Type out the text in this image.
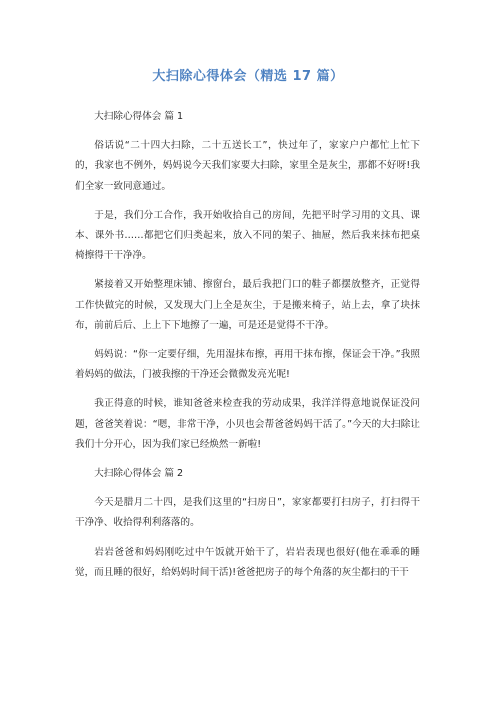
大扫除心得体会（精选 17 篇）

大扫除心得体会 篇 1

俗话说“二十四大扫除，二十五送长工”，快过年了，家家户户都忙上忙下的，我家也不例外，妈妈说今天我们家要大扫除，家里全是灰尘，那都不好呀!我们全家一致同意通过。

于是，我们分工合作，我开始收拾自己的房间，先把平时学习用的文具、课本、课外书……都把它们归类起来，放入不同的架子、抽屉，然后我来抹布把桌椅擦得干干净净。

紧接着又开始整理床铺、擦窗台，最后我把门口的鞋子都摆放整齐，正觉得工作快做完的时候，又发现大门上全是灰尘，于是搬来椅子，站上去，拿了块抹布，前前后后、上上下下地擦了一遍，可是还是觉得不干净。

妈妈说：“你一定要仔细，先用湿抹布擦，再用干抹布擦，保证会干净。”我照着妈妈的做法，门被我擦的干净还会微微发亮光呢!

我正得意的时候，谁知爸爸来检查我的劳动成果，我洋洋得意地说保证没问题，爸爸笑着说：“嗯，非常干净，小贝也会帮爸爸妈妈干活了。”今天的大扫除让我们十分开心，因为我们家已经焕然一新啦!

大扫除心得体会 篇 2

今天是腊月二十四，是我们这里的“扫房日”，家家都要打扫房子，打扫得干干净净、收拾得利利落落的。

岩岩爸爸和妈妈刚吃过中午饭就开始干了，岩岩表现也很好(他在乖乖的睡觉，而且睡的很好，给妈妈时间干活)!爸爸把房子的每个角落的灰尘都扫的干干
